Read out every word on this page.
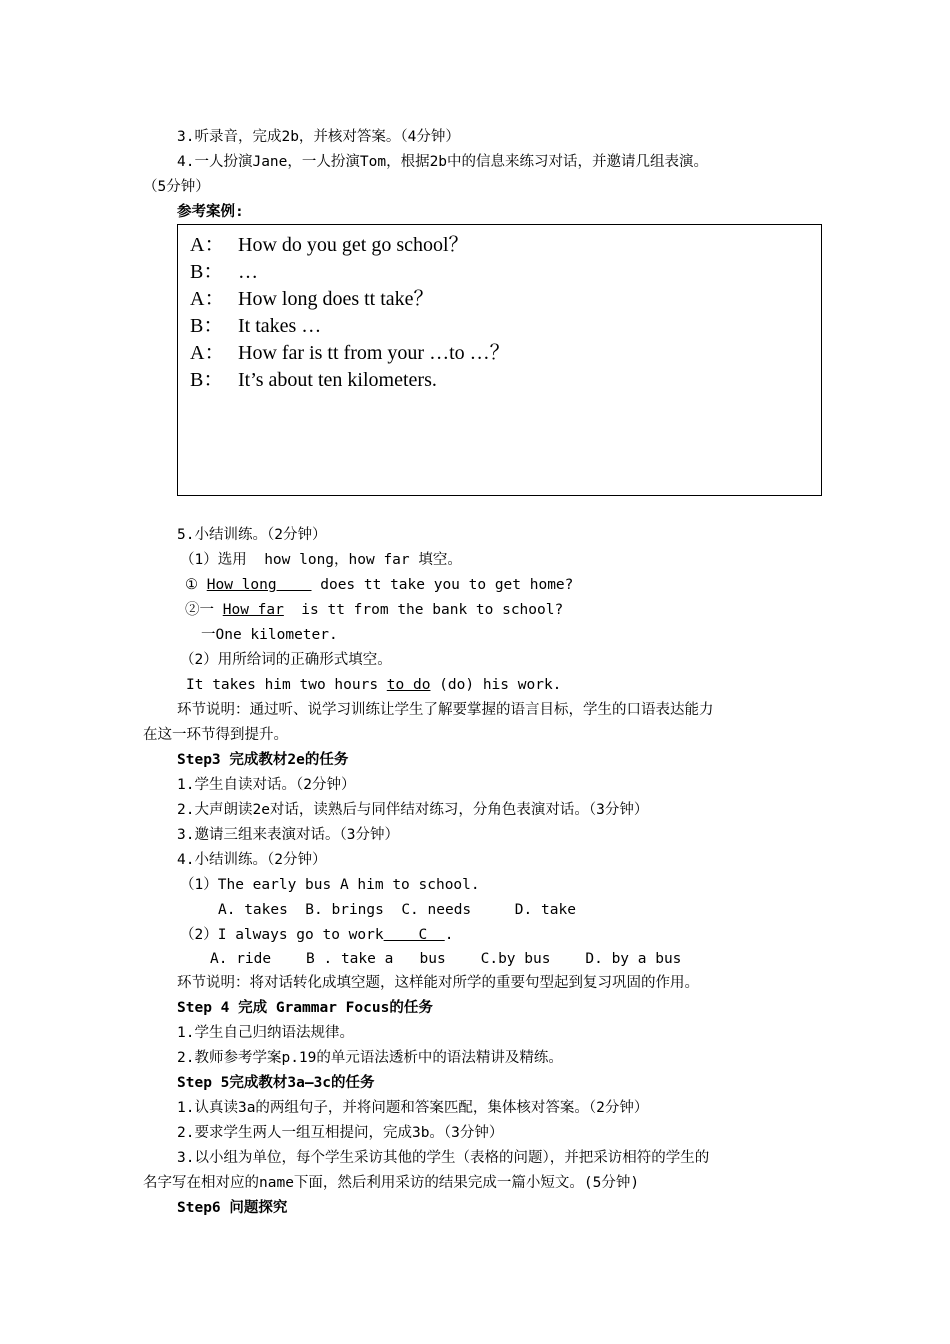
3.听录音，完成2b，并核对答案。（4分钟）
4.一人扮演Jane，一人扮演Tom，根据2b中的信息来练习对话，并邀请几组表演。
（5分钟）
参考案例:
A： How do you get go school？
B： …
A： How long does tt take？
B： It takes …
A： How far is tt from your …to …？
B： It’s about ten kilometers.
5.小结训练。（2分钟）
（1）选用  how long，how far 填空。
① How long     does tt take you to get home?
②一 How far  is tt from the bank to school?
一One kilometer.
（2）用所给词的正确形式填空。
It takes him two hours to do (do) his work.
环节说明：通过听、说学习训练让学生了解要掌握的语言目标，学生的口语表达能力
在这一环节得到提升。
Step3 完成教材2e的任务
1.学生自读对话。（2分钟）
2.大声朗读2e对话，读熟后与同伴结对练习，分角色表演对话。（3分钟）
3.邀请三组来表演对话。（3分钟）
4.小结训练。（2分钟）
（1）The early bus A him to school.
A. takes  B. brings  C. needs     D. take
（2）I always go to work    C  .
A. ride    B . take a   bus    C.by bus    D. by a bus
环节说明：将对话转化成填空题，这样能对所学的重要句型起到复习巩固的作用。
Step 4 完成 Grammar Focus的任务
1.学生自己归纳语法规律。
2.教师参考学案p.19的单元语法透析中的语法精讲及精练。
Step 5完成教材3a—3c的任务
1.认真读3a的两组句子，并将问题和答案匹配，集体核对答案。（2分钟）
2.要求学生两人一组互相提问，完成3b。（3分钟）
3.以小组为单位，每个学生采访其他的学生（表格的问题），并把采访相符的学生的
名字写在相对应的name下面，然后利用采访的结果完成一篇小短文。(5分钟)
Step6 问题探究
